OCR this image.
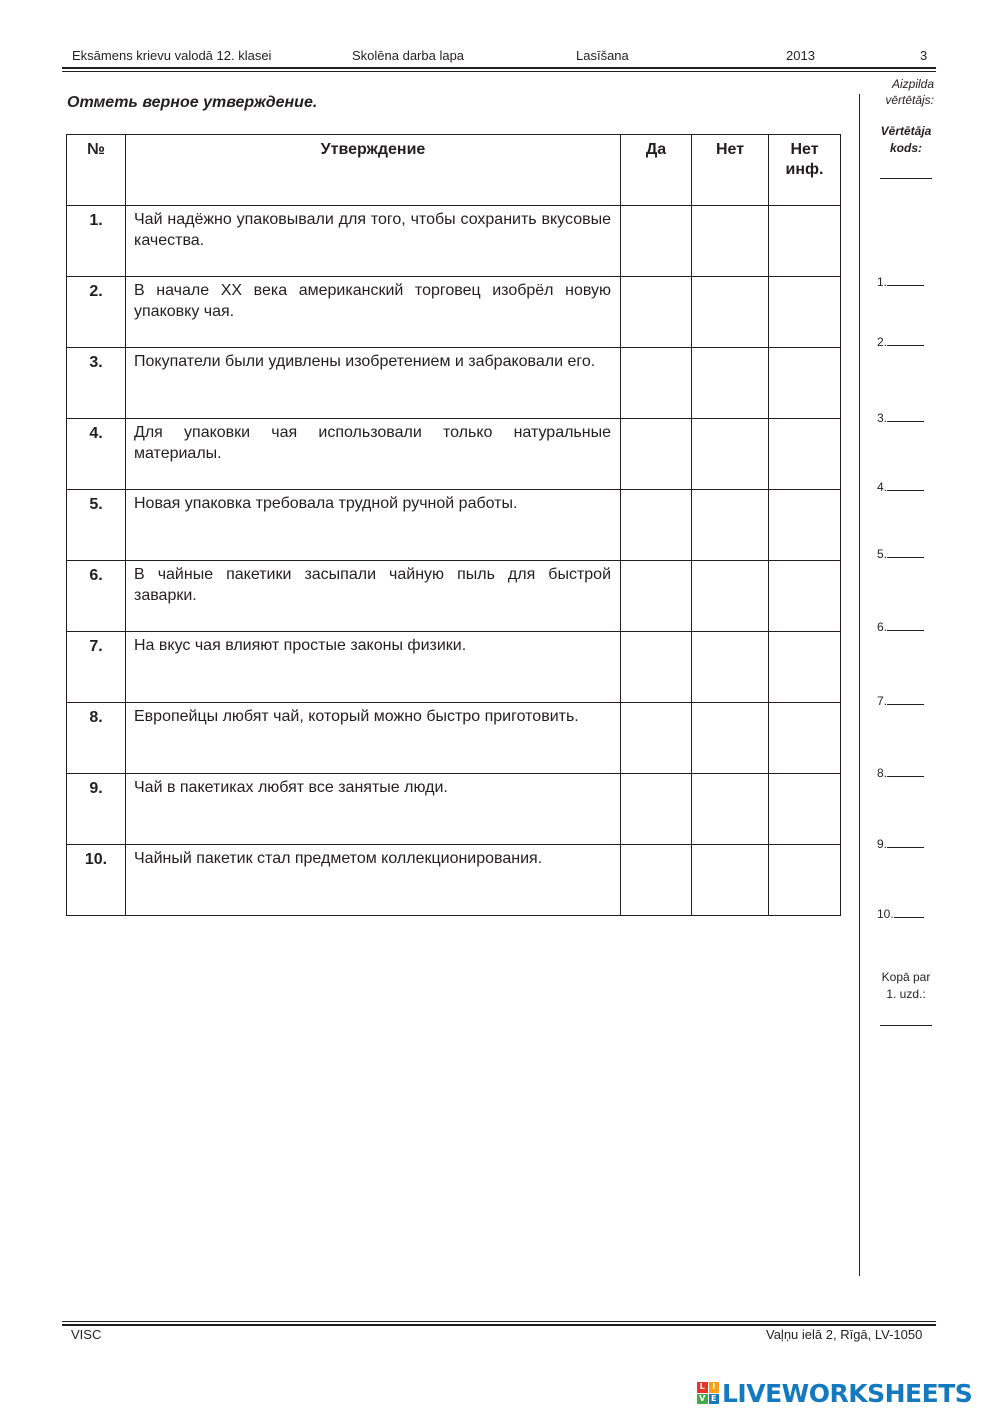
Eksāmens krievu valodā 12. klasei	Skolēna darba lapa	Lasīšana	2013	3
Отметь верное утверждение.
№	Утверждение	Да	Нет	Нет инф.
1.	Чай надёжно упаковывали для того, чтобы сохранить вкусовые качества.			
2.	В начале XX века американский торговец изобрёл новую упаковку чая.			
3.	Покупатели были удивлены изобретением и забраковали его.			
4.	Для упаковки чая использовали только натуральные материалы.			
5.	Новая упаковка требовала трудной ручной работы.			
6.	В чайные пакетики засыпали чайную пыль для быстрой заварки.			
7.	На вкус чая влияют простые законы физики.			
8.	Европейцы любят чай, который можно быстро приготовить.			
9.	Чай в пакетиках любят все занятые люди.			
10.	Чайный пакетик стал предметом коллекционирования.			
Aizpilda
vērtētājs:
Vērtētāja
kods:
1.
2.
3.
4.
5.
6.
7.
8.
9.
10.
Kopā par
1. uzd.:
VISC	Vaļņu ielā 2, Rīgā, LV-1050
L I
V E LIVEWORKSHEETS
